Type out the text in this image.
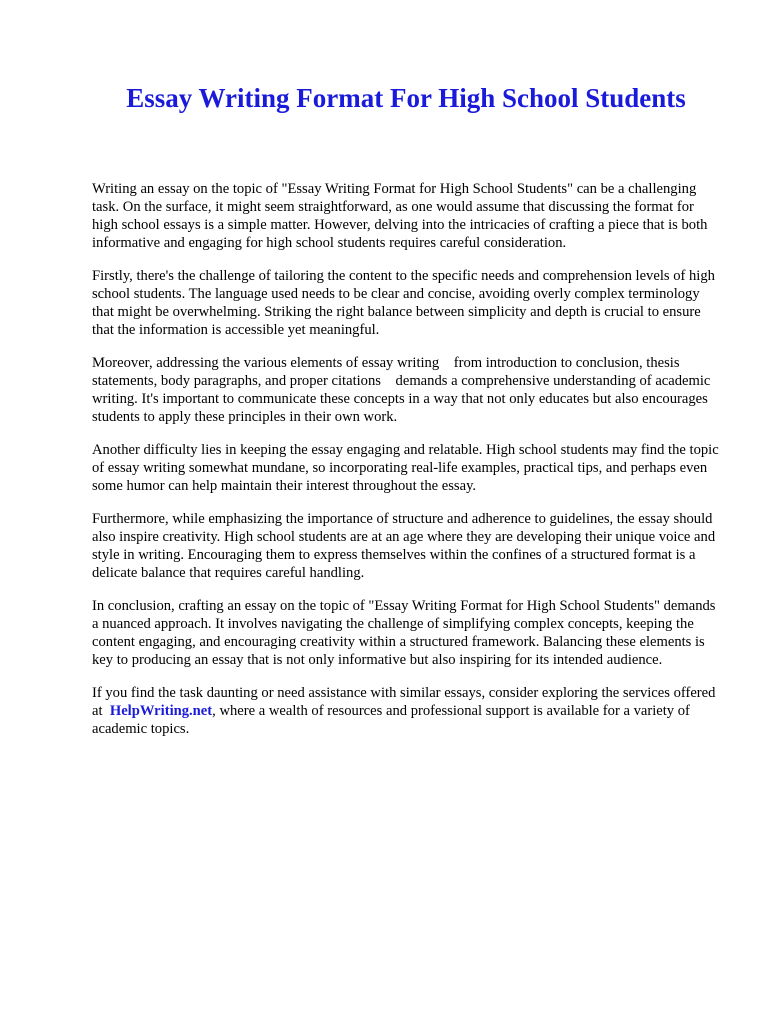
Essay Writing Format For High School Students

Writing an essay on the topic of "Essay Writing Format for High School Students" can be a challenging task. On the surface, it might seem straightforward, as one would assume that discussing the format for high school essays is a simple matter. However, delving into the intricacies of crafting a piece that is both informative and engaging for high school students requires careful consideration.

Firstly, there's the challenge of tailoring the content to the specific needs and comprehension levels of high school students. The language used needs to be clear and concise, avoiding overly complex terminology that might be overwhelming. Striking the right balance between simplicity and depth is crucial to ensure that the information is accessible yet meaningful.

Moreover, addressing the various elements of essay writing    from introduction to conclusion, thesis statements, body paragraphs, and proper citations    demands a comprehensive understanding of academic writing. It's important to communicate these concepts in a way that not only educates but also encourages students to apply these principles in their own work.

Another difficulty lies in keeping the essay engaging and relatable. High school students may find the topic of essay writing somewhat mundane, so incorporating real-life examples, practical tips, and perhaps even some humor can help maintain their interest throughout the essay.

Furthermore, while emphasizing the importance of structure and adherence to guidelines, the essay should also inspire creativity. High school students are at an age where they are developing their unique voice and style in writing. Encouraging them to express themselves within the confines of a structured format is a delicate balance that requires careful handling.

In conclusion, crafting an essay on the topic of "Essay Writing Format for High School Students" demands a nuanced approach. It involves navigating the challenge of simplifying complex concepts, keeping the content engaging, and encouraging creativity within a structured framework. Balancing these elements is key to producing an essay that is not only informative but also inspiring for its intended audience.

If you find the task daunting or need assistance with similar essays, consider exploring the services offered at  HelpWriting.net, where a wealth of resources and professional support is available for a variety of academic topics.
